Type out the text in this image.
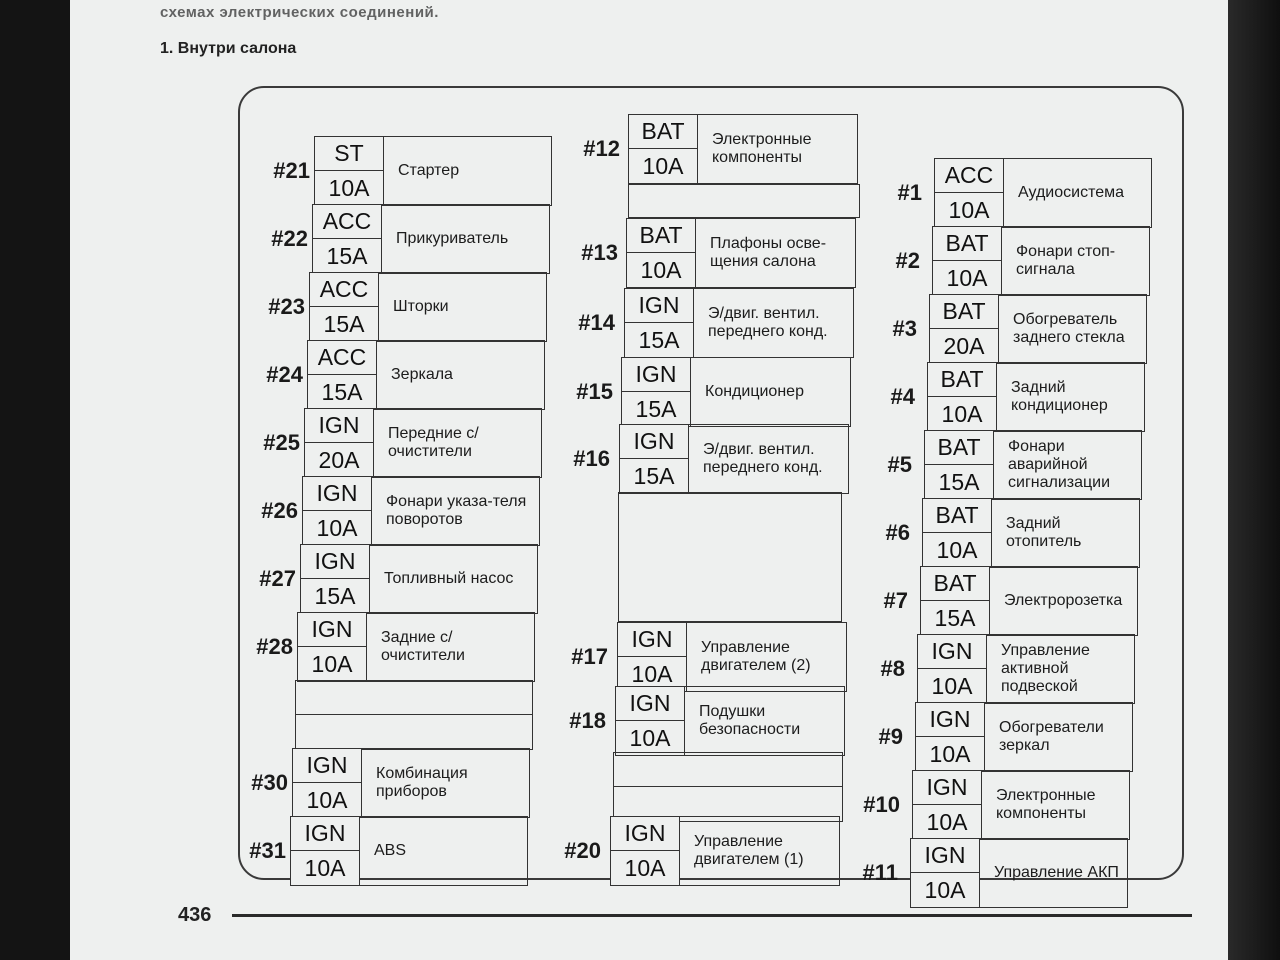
схемах электрических соединений.
1. Внутри салона
#21
ST
10A
Стартер
#22
ACC
15A
Прикуриватель
#23
ACC
15A
Шторки
#24
ACC
15A
Зеркала
#25
IGN
20A
Передние с/очистители
#26
IGN
10A
Фонари указа-теля поворотов
#27
IGN
15A
Топливный насос
#28
IGN
10A
Задние с/очистители
#30
IGN
10A
Комбинация приборов
#31
IGN
10A
ABS
#12
BAT
10A
Электронные компоненты
#13
BAT
10A
Плафоны осве-щения салона
#14
IGN
15A
Э/двиг. вентил. переднего конд.
#15
IGN
15A
Кондиционер
#16
IGN
15A
Э/двиг. вентил. переднего конд.
#17
IGN
10A
Управление двигателем (2)
#18
IGN
10A
Подушки безопасности
#20
IGN
10A
Управление двигателем (1)
#1
ACC
10A
Аудиосистема
#2
BAT
10A
Фонари стоп-сигнала
#3
BAT
20A
Обогреватель заднего стекла
#4
BAT
10A
Задний кондиционер
#5
BAT
15A
Фонари аварийной сигнализации
#6
BAT
10A
Задний отопитель
#7
BAT
15A
Электророзетка
#8
IGN
10A
Управление активной подвеской
#9
IGN
10A
Обогреватели зеркал
#10
IGN
10A
Электронные компоненты
#11
IGN
10A
Управление АКП
436
